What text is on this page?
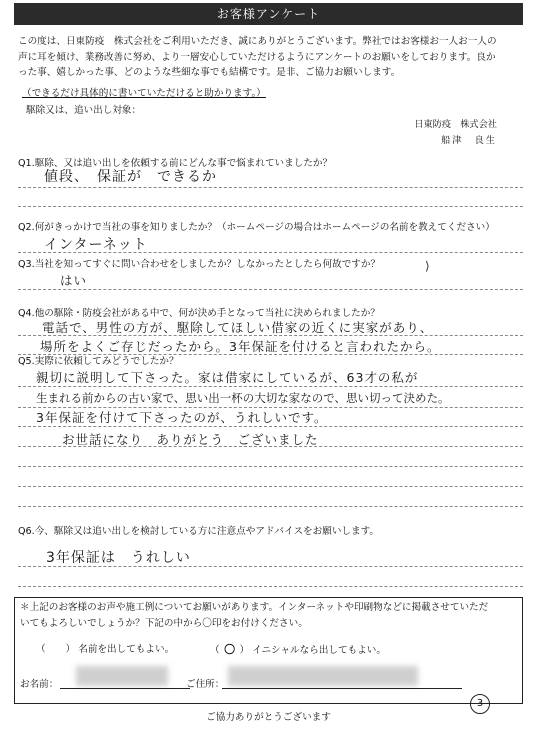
お客様アンケート
この度は、日東防疫　株式会社をご利用いただき、誠にありがとうございます。弊社ではお客様お一人お一人の
声に耳を傾け、業務改善に努め、より一層安心していただけるようにアンケートのお願いをしております。良か
った事、嬉しかった事、どのような些細な事でも結構です。是非、ご協力お願いします。
（できるだけ具体的に書いていただけると助かります。）
駆除又は、追い出し対象：
日東防疫　株式会社
船津　良生
Q1.駆除、又は追い出しを依頼する前にどんな事で悩まれていましたか？
値段、　保証が　できるか
Q2.何がきっかけで当社の事を知りましたか？（ホームページの場合はホームページの名前を教えてください）
インターネット
⟩
Q3.当社を知ってすぐに問い合わせをしましたか？しなかったとしたら何故ですか？
はい
Q4.他の駆除・防疫会社がある中で、何が決め手となって当社に決められましたか？
電話で、男性の方が、駆除してほしい借家の近くに実家があり、
場所をよくご存じだったから。3年保証を付けると言われたから。
Q5.実際に依頼してみどうでしたか？
親切に説明して下さった。家は借家にしているが、63才の私が
生まれる前からの古い家で、思い出一杯の大切な家なので、思い切って決めた。
3年保証を付けて下さったのが、うれしいです。
お世話になり　ありがとう　ございました
Q6.今、駆除又は追い出しを検討している方に注意点やアドバイスをお願いします。
3年保証は　うれしい
＊上記のお客様のお声や施工例についてお願いがあります。インターネットや印刷物などに掲載させていただ
いてもよろしいでしょうか？下記の中から〇印をお付けください。
（ ） 名前を出してもよい。	（ 〇 ） イニシャルなら出してもよい。
お名前：	ご住所：
3
ご協力ありがとうございます
